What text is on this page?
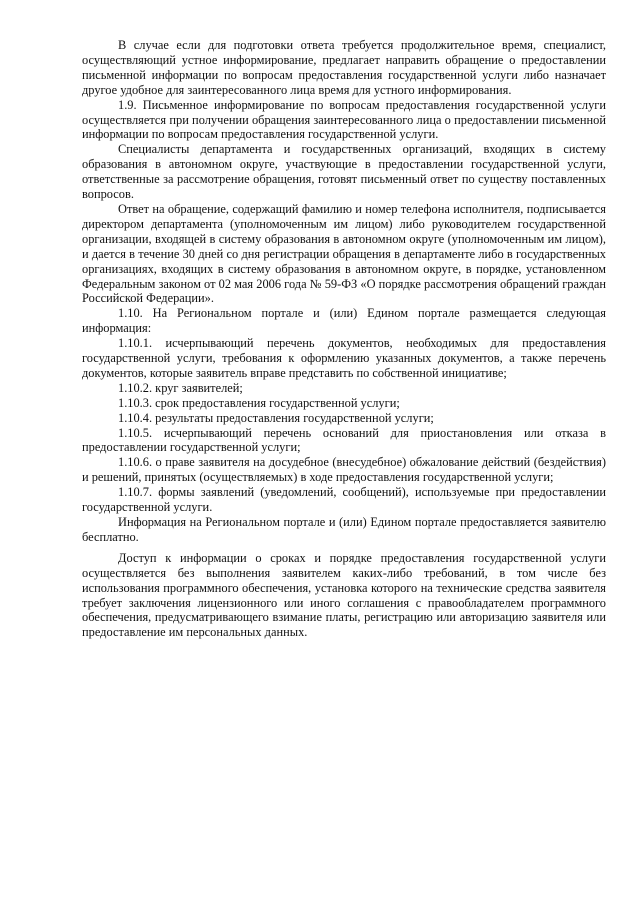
В случае если для подготовки ответа требуется продолжительное время, специалист, осуществляющий устное информирование, предлагает направить обращение о предоставлении письменной информации по вопросам предоставления государственной услуги либо назначает другое удобное для заинтересованного лица время для устного информирования.

1.9. Письменное информирование по вопросам предоставления государственной услуги осуществляется при получении обращения заинтересованного лица о предоставлении письменной информации по вопросам предоставления государственной услуги.

Специалисты департамента и государственных организаций, входящих в систему образования в автономном округе, участвующие в предоставлении государственной услуги, ответственные за рассмотрение обращения, готовят письменный ответ по существу поставленных вопросов.

Ответ на обращение, содержащий фамилию и номер телефона исполнителя, подписывается директором департамента (уполномоченным им лицом) либо руководителем государственной организации, входящей в систему образования в автономном округе (уполномоченным им лицом), и дается в течение 30 дней со дня регистрации обращения в департаменте либо в государственных организациях, входящих в систему образования в автономном округе, в порядке, установленном Федеральным законом от 02 мая 2006 года № 59-ФЗ «О порядке рассмотрения обращений граждан Российской Федерации».

1.10. На Региональном портале и (или) Едином портале размещается следующая информация:

1.10.1. исчерпывающий перечень документов, необходимых для предоставления государственной услуги, требования к оформлению указанных документов, а также перечень документов, которые заявитель вправе представить по собственной инициативе;

1.10.2. круг заявителей;

1.10.3. срок предоставления государственной услуги;

1.10.4. результаты предоставления государственной услуги;

1.10.5. исчерпывающий перечень оснований для приостановления или отказа в предоставлении государственной услуги;

1.10.6. о праве заявителя на досудебное (внесудебное) обжалование действий (бездействия) и решений, принятых (осуществляемых) в ходе предоставления государственной услуги;

1.10.7. формы заявлений (уведомлений, сообщений), используемые при предоставлении государственной услуги.

Информация на Региональном портале и (или) Едином портале предоставляется заявителю бесплатно.

Доступ к информации о сроках и порядке предоставления государственной услуги осуществляется без выполнения заявителем каких-либо требований, в том числе без использования программного обеспечения, установка которого на технические средства заявителя требует заключения лицензионного или иного соглашения с правообладателем программного обеспечения, предусматривающего взимание платы, регистрацию или авторизацию заявителя или предоставление им персональных данных.
